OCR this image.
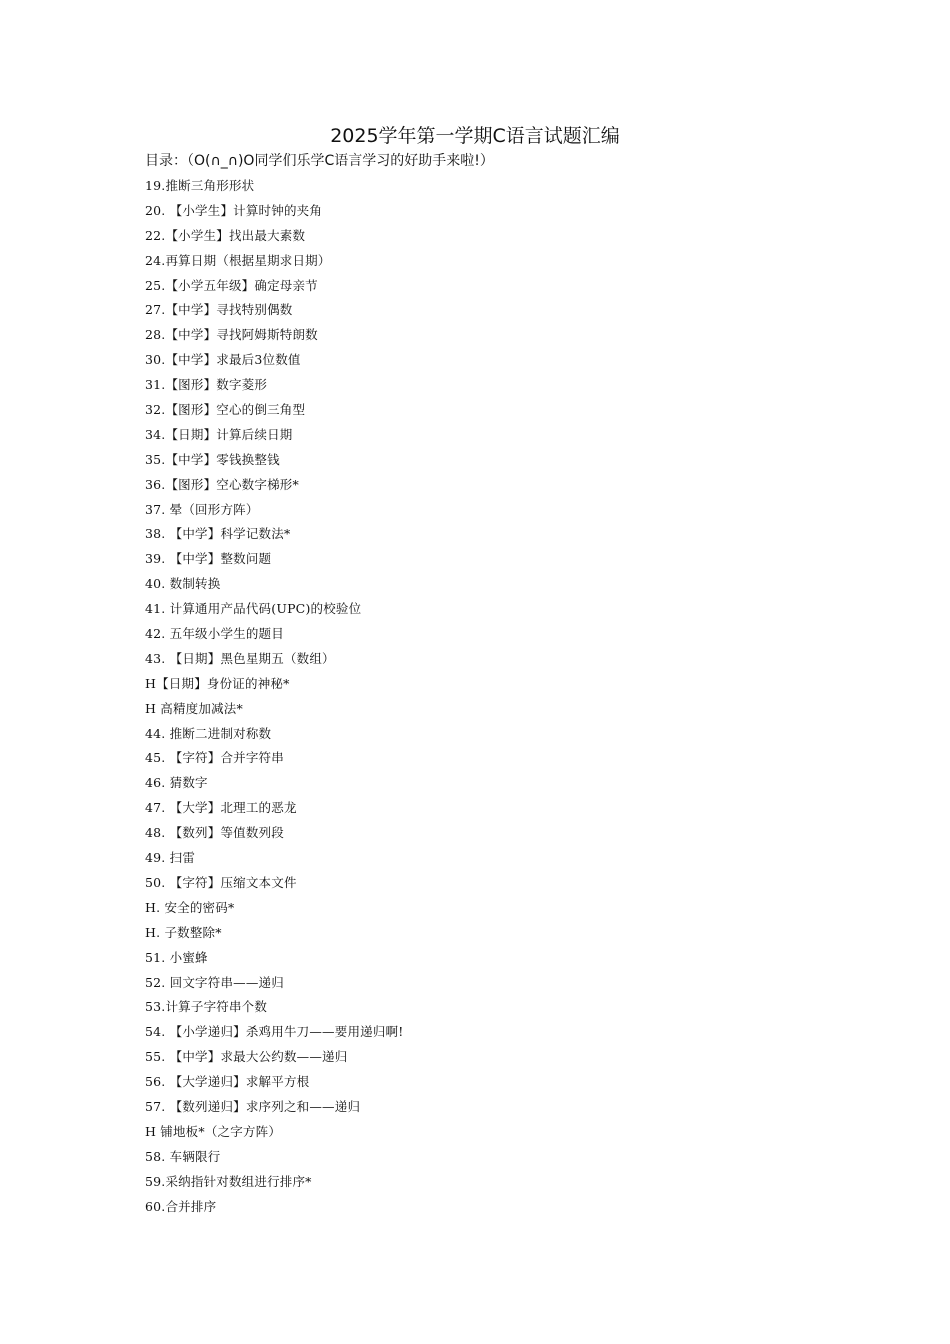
2025学年第一学期C语言试题汇编
目录：（O(∩_∩)O同学们乐学C语言学习的好助手来啦!）
19.推断三角形形状
20. 【小学生】计算时钟的夹角
22.【小学生】找出最大素数
24.再算日期（根据星期求日期）
25.【小学五年级】确定母亲节
27.【中学】寻找特别偶数
28.【中学】寻找阿姆斯特朗数
30.【中学】求最后3位数值
31.【图形】数字菱形
32.【图形】空心的倒三角型
34.【日期】计算后续日期
35.【中学】零钱换整钱
36.【图形】空心数字梯形*
37. 晕（回形方阵）
38. 【中学】科学记数法*
39. 【中学】整数问题
40. 数制转换
41. 计算通用产品代码(UPC)的校验位
42. 五年级小学生的题目
43. 【日期】黑色星期五（数组）
H【日期】身份证的神秘*
H 高精度加减法*
44. 推断二进制对称数
45. 【字符】合并字符串
46. 猜数字
47. 【大学】北理工的恶龙
48. 【数列】等值数列段
49. 扫雷
50. 【字符】压缩文本文件
H. 安全的密码*
H. 子数整除*
51. 小蜜蜂
52. 回文字符串——递归
53.计算子字符串个数
54. 【小学递归】杀鸡用牛刀——要用递归啊!
55. 【中学】求最大公约数——递归
56. 【大学递归】求解平方根
57. 【数列递归】求序列之和——递归
H 铺地板*（之字方阵）
58. 车辆限行
59.采纳指针对数组进行排序*
60.合并排序
